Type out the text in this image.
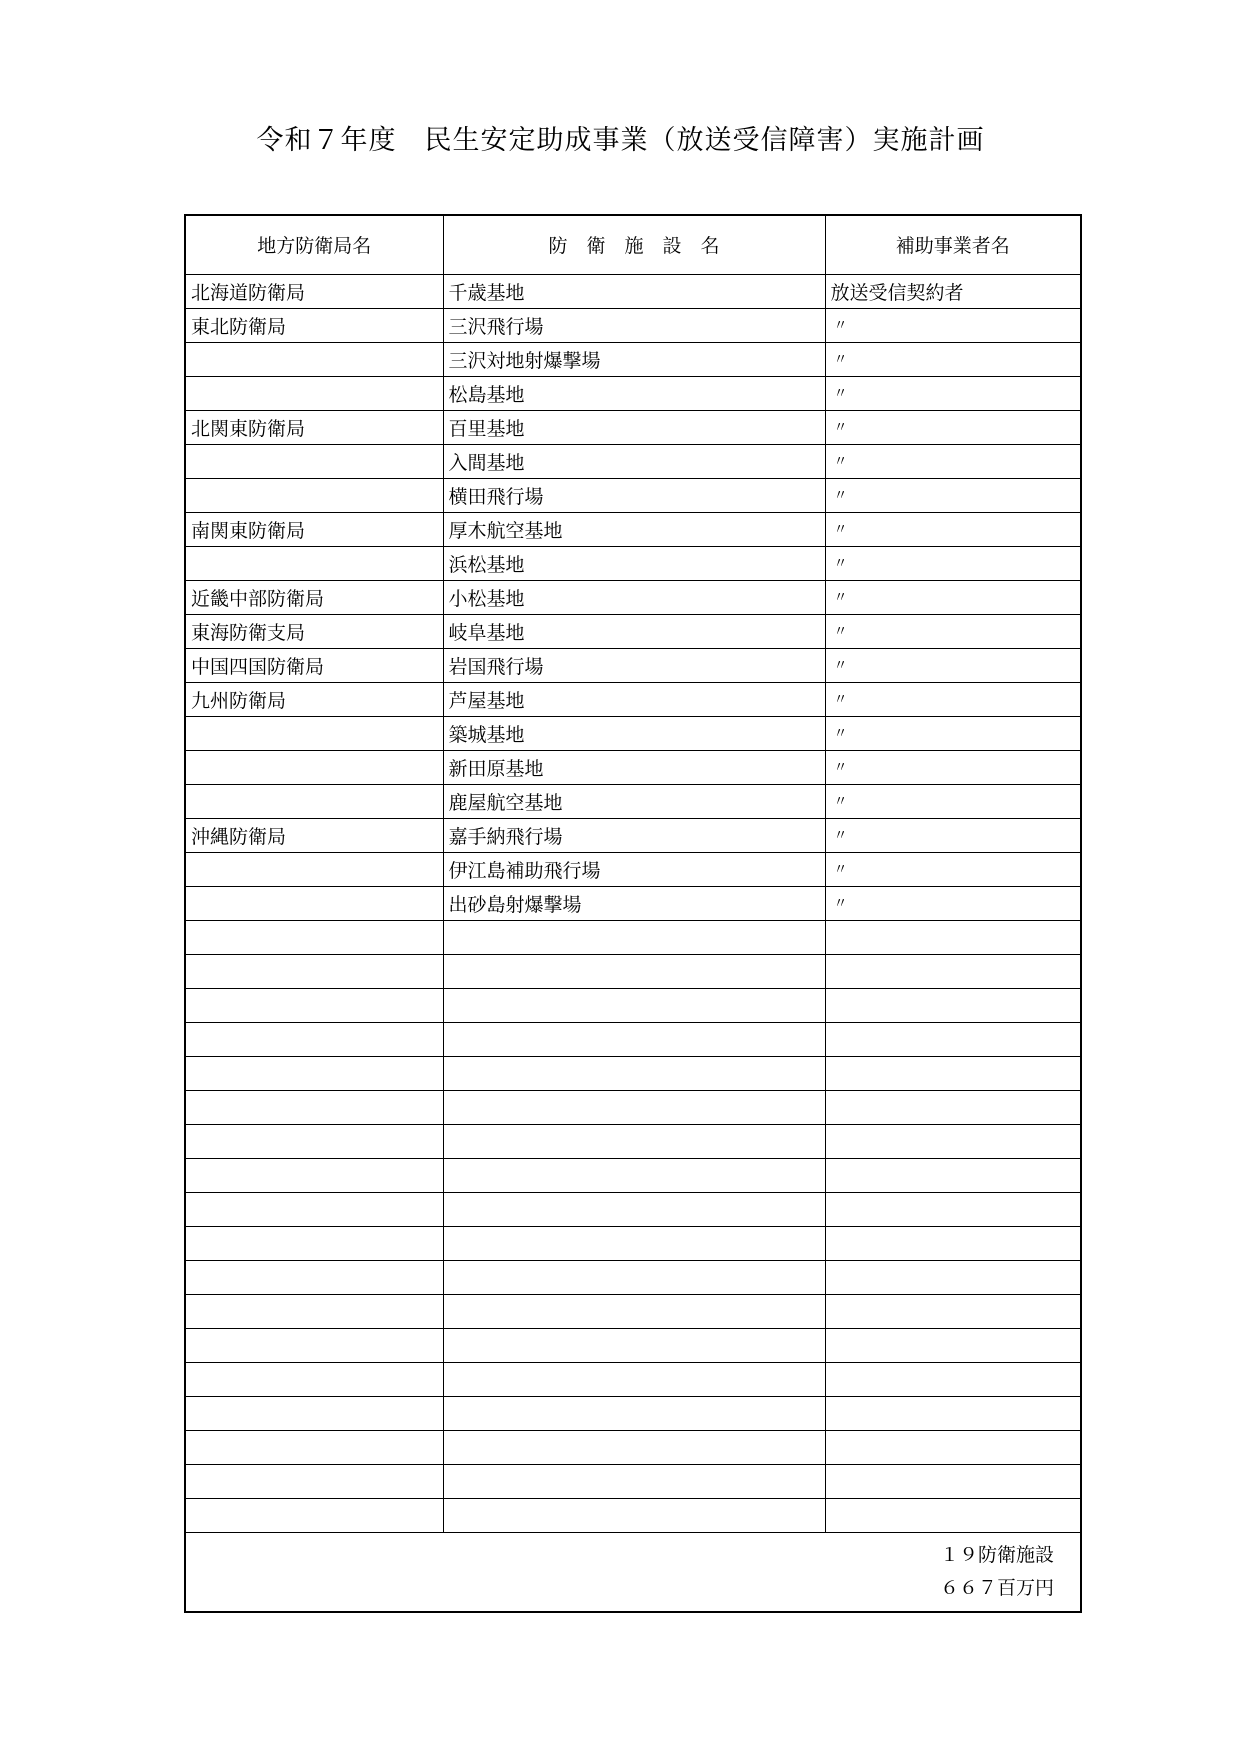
令和７年度　民生安定助成事業（放送受信障害）実施計画
地方防衛局名	防　衛　施　設　名	補助事業者名
北海道防衛局	千歳基地	放送受信契約者
東北防衛局	三沢飛行場	〃
	三沢対地射爆撃場	〃
	松島基地	〃
北関東防衛局	百里基地	〃
	入間基地	〃
	横田飛行場	〃
南関東防衛局	厚木航空基地	〃
	浜松基地	〃
近畿中部防衛局	小松基地	〃
東海防衛支局	岐阜基地	〃
中国四国防衛局	岩国飛行場	〃
九州防衛局	芦屋基地	〃
	築城基地	〃
	新田原基地	〃
	鹿屋航空基地	〃
沖縄防衛局	嘉手納飛行場	〃
	伊江島補助飛行場	〃
	出砂島射爆撃場	〃

１９防衛施設
６６７百万円		
